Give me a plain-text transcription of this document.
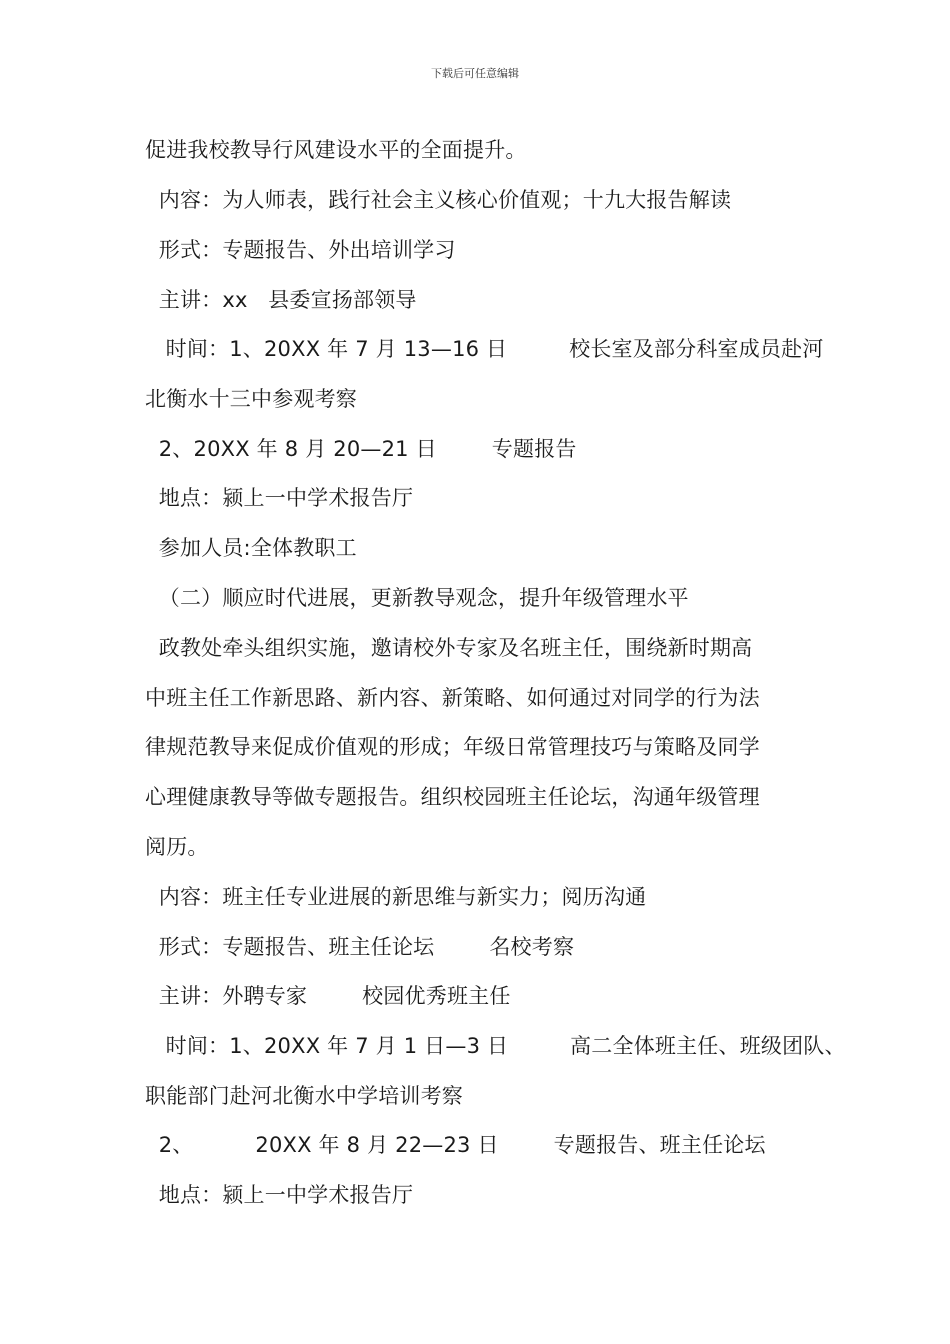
下载后可任意编辑
促进我校教导行风建设水平的全面提升。
内容：为人师表，践行社会主义核心价值观；十九大报告解读
形式：专题报告、外出培训学习
主讲：xx   县委宣扬部领导
时间：1、20XX 年 7 月 13—16 日         校长室及部分科室成员赴河
北衡水十三中参观考察
2、20XX 年 8 月 20—21 日        专题报告
地点：颍上一中学术报告厅
参加人员:全体教职工
（二）顺应时代进展，更新教导观念，提升年级管理水平
政教处牵头组织实施，邀请校外专家及名班主任，围绕新时期高
中班主任工作新思路、新内容、新策略、如何通过对同学的行为法
律规范教导来促成价值观的形成；年级日常管理技巧与策略及同学
心理健康教导等做专题报告。组织校园班主任论坛，沟通年级管理
阅历。
内容：班主任专业进展的新思维与新实力；阅历沟通
形式：专题报告、班主任论坛        名校考察
主讲：外聘专家        校园优秀班主任
时间：1、20XX 年 7 月 1 日—3 日         高二全体班主任、班级团队、
职能部门赴河北衡水中学培训考察
2、         20XX 年 8 月 22—23 日        专题报告、班主任论坛
地点：颍上一中学术报告厅
